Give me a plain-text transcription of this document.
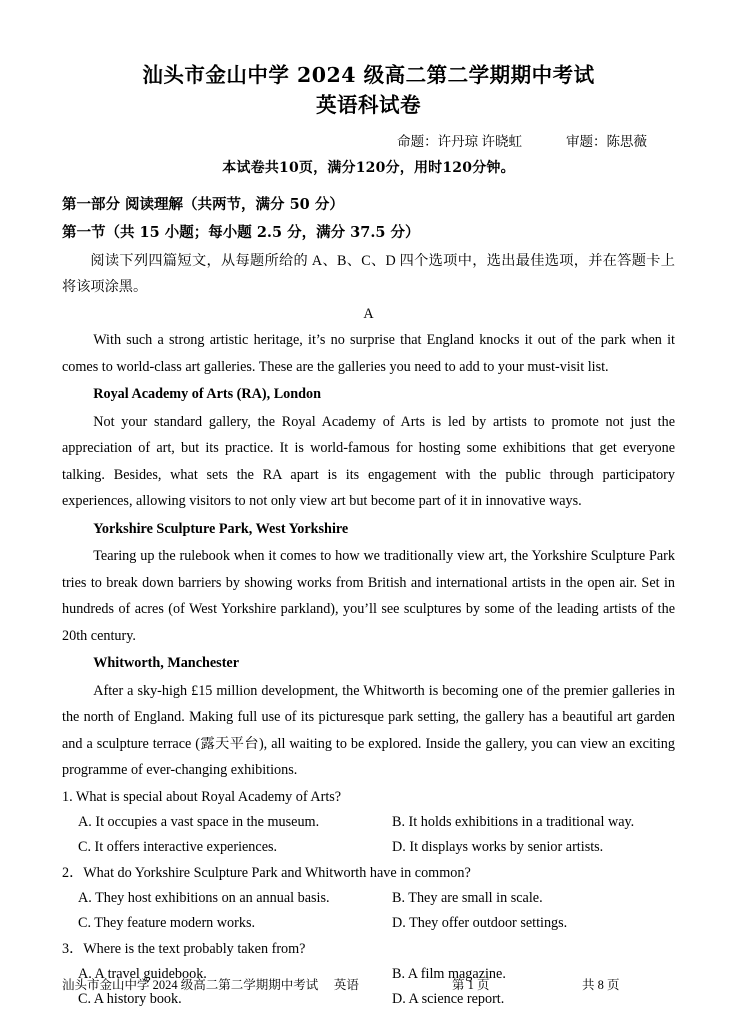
汕头市金山中学 2024 级高二第二学期期中考试
英语科试卷
命题：许丹琼 许晓虹	审题：陈思薇
本试卷共10页，满分120分，用时120分钟。
第一部分 阅读理解（共两节，满分 50 分）
第一节（共 15 小题；每小题 2.5 分，满分 37.5 分）
阅读下列四篇短文，从每题所给的 A、B、C、D 四个选项中，选出最佳选项，并在答题卡上将该项涂黑。
A
With such a strong artistic heritage, it’s no surprise that England knocks it out of the park when it comes to world-class art galleries. These are the galleries you need to add to your must-visit list.
Royal Academy of Arts (RA), London
Not your standard gallery, the Royal Academy of Arts is led by artists to promote not just the appreciation of art, but its practice. It is world-famous for hosting some exhibitions that get everyone talking. Besides, what sets the RA apart is its engagement with the public through participatory experiences, allowing visitors to not only view art but become part of it in innovative ways.
Yorkshire Sculpture Park, West Yorkshire
Tearing up the rulebook when it comes to how we traditionally view art, the Yorkshire Sculpture Park tries to break down barriers by showing works from British and international artists in the open air. Set in hundreds of acres (of West Yorkshire parkland), you’ll see sculptures by some of the leading artists of the 20th century.
Whitworth, Manchester
After a sky-high £15 million development, the Whitworth is becoming one of the premier galleries in the north of England. Making full use of its picturesque park setting, the gallery has a beautiful art garden and a sculpture terrace (露天平台), all waiting to be explored. Inside the gallery, you can view an exciting programme of ever-changing exhibitions.
1. What is special about Royal Academy of Arts?
A. It occupies a vast space in the museum.	B. It holds exhibitions in a traditional way.
C. It offers interactive experiences.	D. It displays works by senior artists.
2．What do Yorkshire Sculpture Park and Whitworth have in common?
A. They host exhibitions on an annual basis.	B. They are small in scale.
C. They feature modern works.	D. They offer outdoor settings.
3．Where is the text probably taken from?
A. A travel guidebook.	B. A film magazine.
C. A history book.	D. A science report.
汕头市金山中学 2024 级高二第二学期期中考试　 英语	第 1 页	共 8 页
